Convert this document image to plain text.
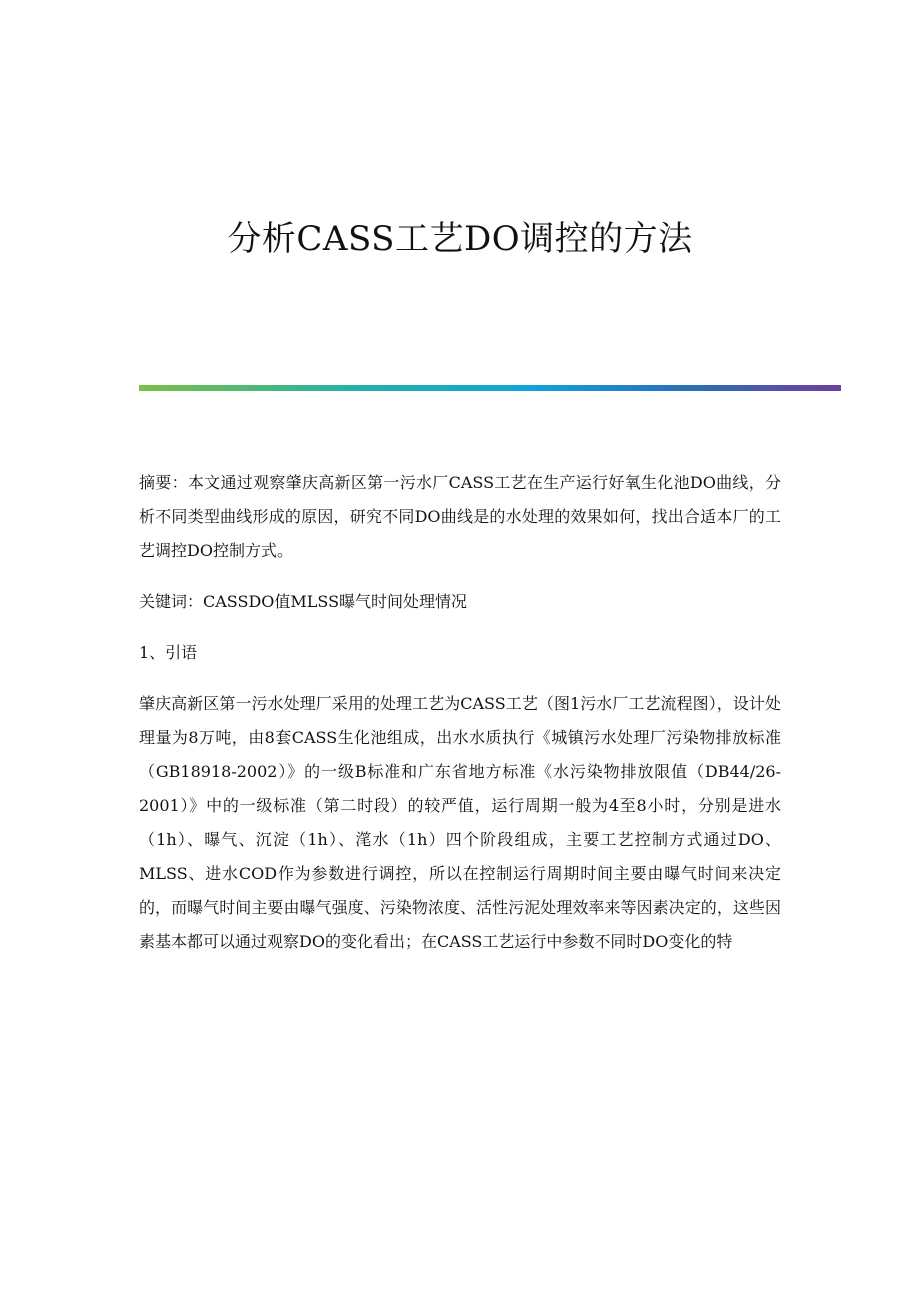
分析CASS工艺DO调控的方法

摘要：本文通过观察肇庆高新区第一污水厂CASS工艺在生产运行好氧生化池DO曲线，分析不同类型曲线形成的原因，研究不同DO曲线是的水处理的效果如何，找出合适本厂的工艺调控DO控制方式。

关键词：CASSDO值MLSS曝气时间处理情况

1、引语

肇庆高新区第一污水处理厂采用的处理工艺为CASS工艺（图1污水厂工艺流程图），设计处理量为8万吨，由8套CASS生化池组成，出水水质执行《城镇污水处理厂污染物排放标准（GB18918-2002）》的一级B标准和广东省地方标准《水污染物排放限值（DB44/26-2001）》中的一级标准（第二时段）的较严值，运行周期一般为4至8小时，分别是进水（1h）、曝气、沉淀（1h）、滗水（1h）四个阶段组成，主要工艺控制方式通过DO、MLSS、进水COD作为参数进行调控，所以在控制运行周期时间主要由曝气时间来决定的，而曝气时间主要由曝气强度、污染物浓度、活性污泥处理效率来等因素决定的，这些因素基本都可以通过观察DO的变化看出；在CASS工艺运行中参数不同时DO变化的特
